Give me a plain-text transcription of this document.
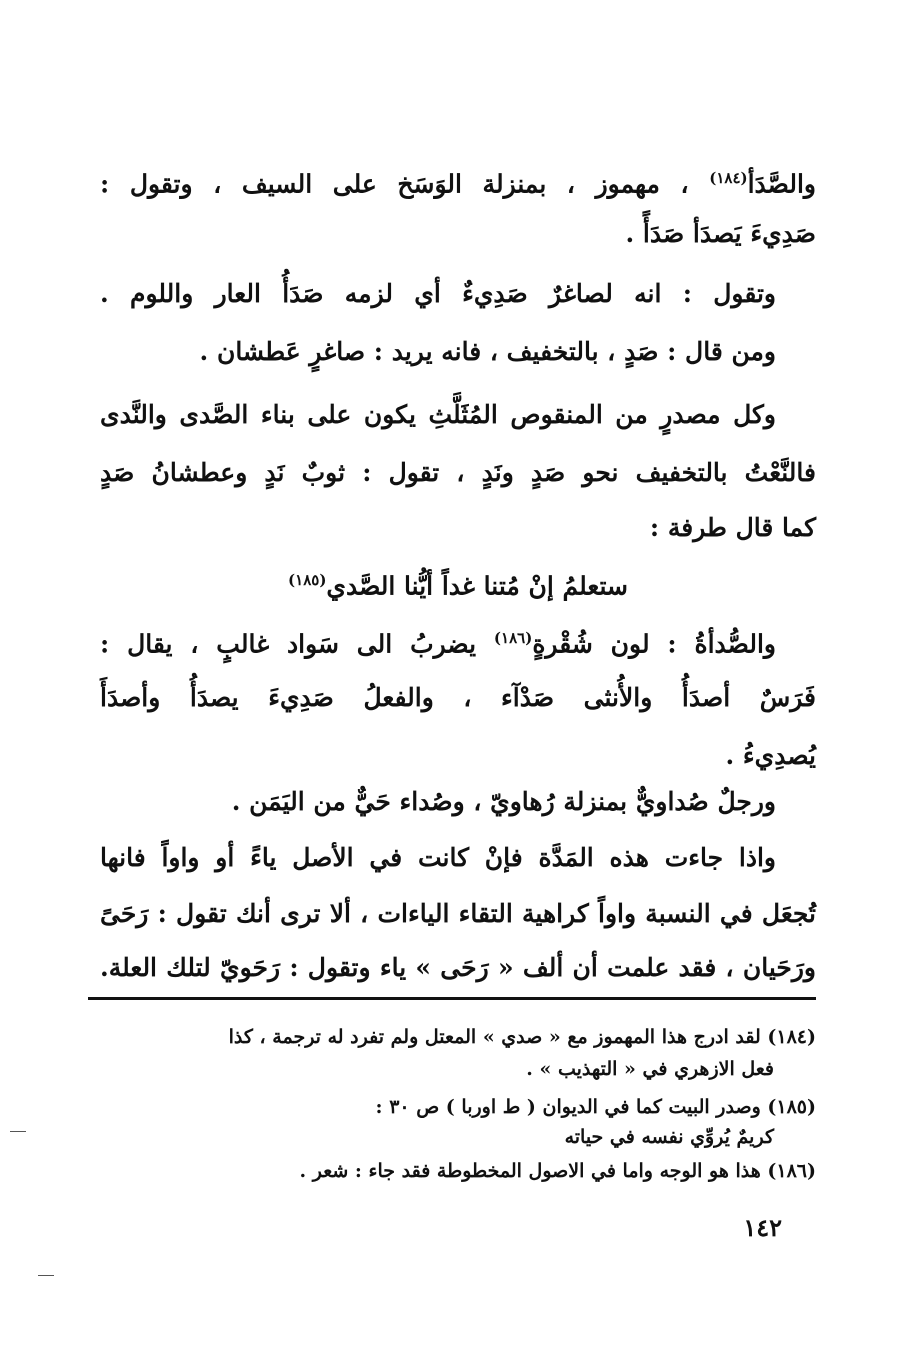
والصَّدَأ$^{(١٨٤)}$ ، مهموز ، بمنزلة الوَسَخ على السيف ، وتقول :
صَدِيءَ يَصدَأ صَدَأً .
وتقول : انه لصاغرٌ صَدِيءٌ أي لزمه صَدَأُ العار واللوم .
ومن قال : صَدٍ ، بالتخفيف ، فانه يريد : صاغرٍ عَطشان .
وكل مصدرٍ من المنقوص المُثَلَّثِ يكون على بناء الصَّدى والنَّدى
فالنَّعْتُ بالتخفيف نحو صَدٍ ونَدٍ ، تقول : ثوبٌ نَدٍ وعطشانُ صَدٍ
كما قال طرفة :
ستعلمُ إنْ مُتنا غداً أيُّنا الصَّدي$^{(١٨٥)}$
والصُّدأةُ : لون شُقْرةٍ$^{(١٨٦)}$ يضربُ الى سَواد غالبٍ ، يقال :
فَرَسٌ أصدَأُ والأُنثى صَدْآء ، والفعلُ صَدِيءَ يصدَأُ وأصدَأَ
يُصدِيءُ .
ورجلٌ صُداويٌّ بمنزلة رُهاويّ ، وصُداء حَيٌّ من اليَمَن .
واذا جاءت هذه المَدَّة فإنْ كانت في الأصل ياءً أو واواً فانها
تُجعَل في النسبة واواً كراهية التقاء الياءات ، ألا ترى أنك تقول : رَحَىً
ورَحَيان ، فقد علمت أن ألف « رَحَى » ياء وتقول : رَحَويّ لتلك العلة.
(١٨٤) لقد ادرج هذا المهموز مع « صدي » المعتل ولم تفرد له ترجمة ، كذا
فعل الازهري في « التهذيب » .
(١٨٥) وصدر البيت كما في الديوان ( ط اوربا ) ص ٣٠ :
كريمٌ يُروِّي نفسه في حياته
(١٨٦) هذا هو الوجه واما في الاصول المخطوطة فقد جاء : شعر .
١٤٢
